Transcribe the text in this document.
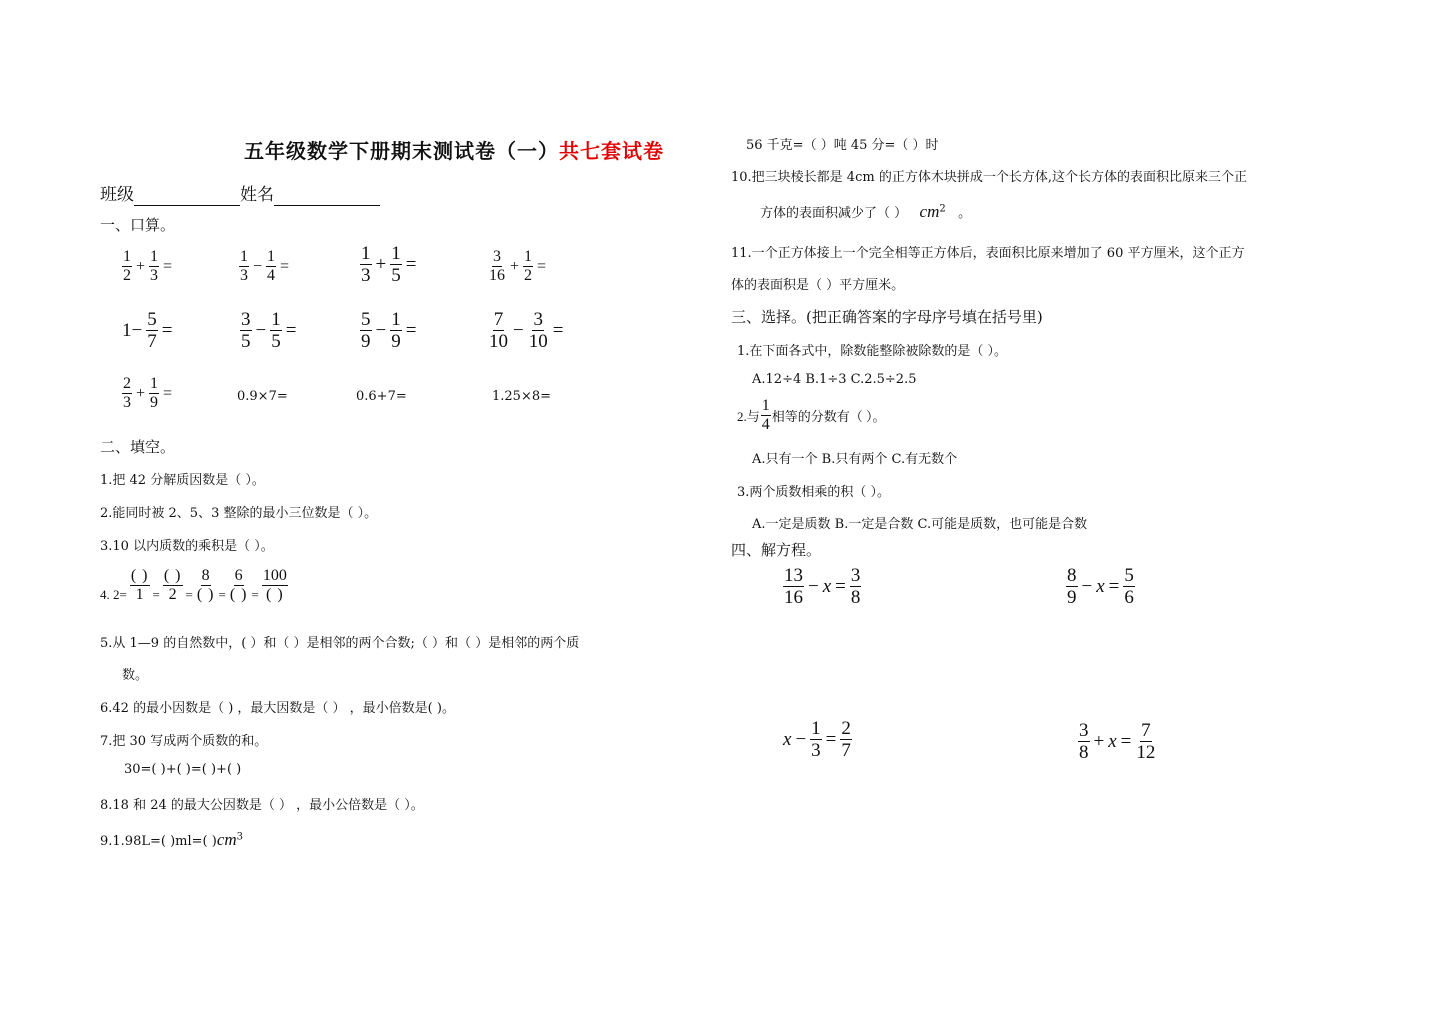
五年级数学下册期末测试卷（一）共七套试卷
班级	姓名
一、口算。
$\frac{1}{2} + \frac{1}{3}$ =	$\frac{1}{3} - \frac{1}{4}$ =	$\frac{1}{3} + \frac{1}{5}$ =	$\frac{3}{16} + \frac{1}{2}$ =
$1- \frac{5}{7}$ =	$\frac{3}{5} - \frac{1}{5}$ =	$\frac{5}{9} - \frac{1}{9}$ =	$\frac{7}{10} - \frac{3}{10}$ =
$\frac{2}{3} + \frac{1}{9}$ =	0.9×7=	0.6+7=	1.25×8=
二、填空。
1.把 42 分解质因数是（ ）。
2.能同时被 2、5、3 整除的最小三位数是（ ）。
3.10 以内质数的乘积是（ ）。
4. $2= \frac{( )}{1} = \frac{( )}{2} = \frac{8}{( )} = \frac{6}{( )} = \frac{100}{( )}$
5.从 1—9 的自然数中，( ）和（ ）是相邻的两个合数;（ ）和（ ）是相邻的两个质
数。
6.42 的最小因数是（ ) ，最大因数是（ ） ，最小倍数是( )。
7.把 30 写成两个质数的和。
30=( )+( )=( )+( )
8.18 和 24 的最大公因数是（ ） ，最小公倍数是（ ）。
9.1.98L=( )ml=( )$cm^3$
56 千克=（ ）吨 45 分=（ ）时
10.把三块棱长都是 4cm 的正方体木块拼成一个长方体,这个长方体的表面积比原来三个正
方体的表面积减少了（ ） $cm^2$ 。
11.一个正方体接上一个完全相等正方体后，表面积比原来增加了 60 平方厘米，这个正方
体的表面积是（ ）平方厘米。
三、选择。(把正确答案的字母序号填在括号里)
1.在下面各式中，除数能整除被除数的是（ ）。
A.12÷4 B.1÷3 C.2.5÷2.5
2.与 $\frac{1}{4}$ 相等的分数有（ ）。
A.只有一个 B.只有两个 C.有无数个
3.两个质数相乘的积（ ）。
A.一定是质数 B.一定是合数 C.可能是质数，也可能是合数
四、解方程。
$\frac{13}{16} - x = \frac{3}{8}$	$\frac{8}{9} - x = \frac{5}{6}$
$x - \frac{1}{3} = \frac{2}{7}$	$\frac{3}{8} + x = \frac{7}{12}$
